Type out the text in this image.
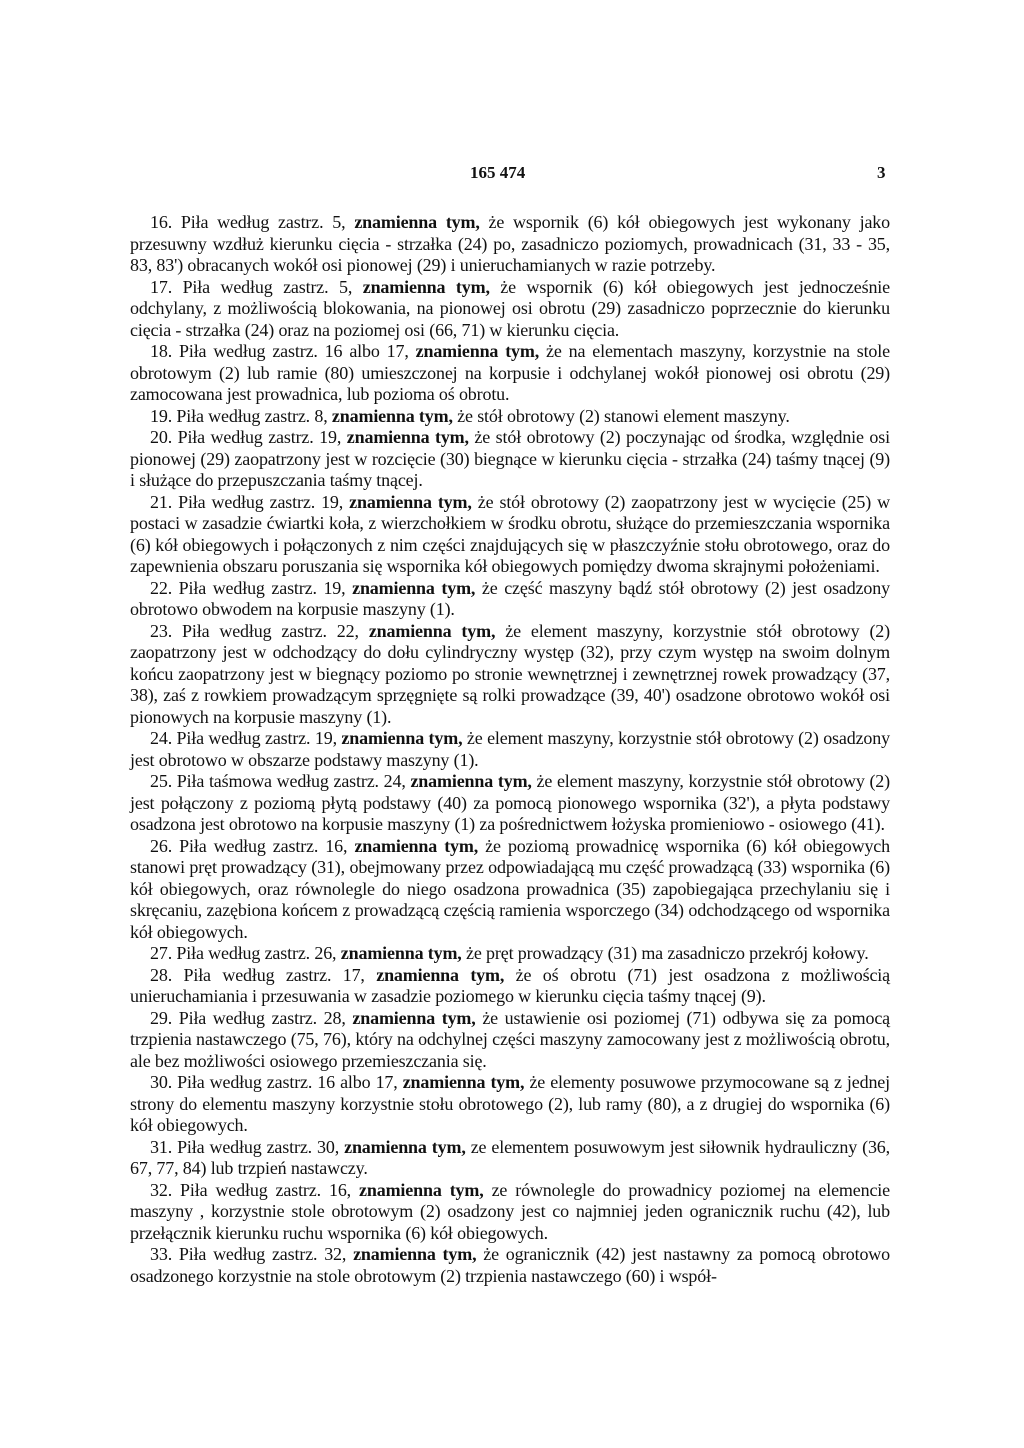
165 474	3

16. Piła według zastrz. 5, znamienna tym, że wspornik (6) kół obiegowych jest wykonany jako przesuwny wzdłuż kierunku cięcia - strzałka (24) po, zasadniczo poziomych, prowadnicach (31, 33 - 35, 83, 83') obracanych wokół osi pionowej (29) i unieruchamianych w razie potrzeby.

17. Piła według zastrz. 5, znamienna tym, że wspornik (6) kół obiegowych jest jednocześnie odchylany, z możliwością blokowania, na pionowej osi obrotu (29) zasadniczo poprzecznie do kierunku cięcia - strzałka (24) oraz na poziomej osi (66, 71) w kierunku cięcia.

18. Piła według zastrz. 16 albo 17, znamienna tym, że na elementach maszyny, korzystnie na stole obrotowym (2) lub ramie (80) umieszczonej na korpusie i odchylanej wokół pionowej osi obrotu (29) zamocowana jest prowadnica, lub pozioma oś obrotu.

19. Piła według zastrz. 8, znamienna tym, że stół obrotowy (2) stanowi element maszyny.

20. Piła według zastrz. 19, znamienna tym, że stół obrotowy (2) poczynając od środka, względnie osi pionowej (29) zaopatrzony jest w rozcięcie (30) biegnące w kierunku cięcia - strzałka (24) taśmy tnącej (9) i służące do przepuszczania taśmy tnącej.

21. Piła według zastrz. 19, znamienna tym, że stół obrotowy (2) zaopatrzony jest w wycięcie (25) w postaci w zasadzie ćwiartki koła, z wierzchołkiem w środku obrotu, służące do przemieszczania wspornika (6) kół obiegowych i połączonych z nim części znajdujących się w płaszczyźnie stołu obrotowego, oraz do zapewnienia obszaru poruszania się wspornika kół obiegowych pomiędzy dwoma skrajnymi położeniami.

22. Piła według zastrz. 19, znamienna tym, że część maszyny bądź stół obrotowy (2) jest osadzony obrotowo obwodem na korpusie maszyny (1).

23. Piła według zastrz. 22, znamienna tym, że element maszyny, korzystnie stół obrotowy (2) zaopatrzony jest w odchodzący do dołu cylindryczny występ (32), przy czym występ na swoim dolnym końcu zaopatrzony jest w biegnący poziomo po stronie wewnętrznej i zewnętrznej rowek prowadzący (37, 38), zaś z rowkiem prowadzącym sprzęgnięte są rolki prowadzące (39, 40') osadzone obrotowo wokół osi pionowych na korpusie maszyny (1).

24. Piła według zastrz. 19, znamienna tym, że element maszyny, korzystnie stół obrotowy (2) osadzony jest obrotowo w obszarze podstawy maszyny (1).

25. Piła taśmowa według zastrz. 24, znamienna tym, że element maszyny, korzystnie stół obrotowy (2) jest połączony z poziomą płytą podstawy (40) za pomocą pionowego wspornika (32'), a płyta podstawy osadzona jest obrotowo na korpusie maszyny (1) za pośrednictwem łożyska promieniowo - osiowego (41).

26. Piła według zastrz. 16, znamienna tym, że poziomą prowadnicę wspornika (6) kół obiegowych stanowi pręt prowadzący (31), obejmowany przez odpowiadającą mu część prowadzącą (33) wspornika (6) kół obiegowych, oraz równolegle do niego osadzona prowadnica (35) zapobiegająca przechylaniu się i skręcaniu, zazębiona końcem z prowadzącą częścią ramienia wsporczego (34) odchodzącego od wspornika kół obiegowych.

27. Piła według zastrz. 26, znamienna tym, że pręt prowadzący (31) ma zasadniczo przekrój kołowy.

28. Piła według zastrz. 17, znamienna tym, że oś obrotu (71) jest osadzona z możliwością unieruchamiania i przesuwania w zasadzie poziomego w kierunku cięcia taśmy tnącej (9).

29. Piła według zastrz. 28, znamienna tym, że ustawienie osi poziomej (71) odbywa się za pomocą trzpienia nastawczego (75, 76), który na odchylnej części maszyny zamocowany jest z możliwością obrotu, ale bez możliwości osiowego przemieszczania się.

30. Piła według zastrz. 16 albo 17, znamienna tym, że elementy posuwowe przymocowane są z jednej strony do elementu maszyny korzystnie stołu obrotowego (2), lub ramy (80), a z drugiej do wspornika (6) kół obiegowych.

31. Piła według zastrz. 30, znamienna tym, ze elementem posuwowym jest siłownik hydrauliczny (36, 67, 77, 84) lub trzpień nastawczy.

32. Piła według zastrz. 16, znamienna tym, ze równolegle do prowadnicy poziomej na elemencie maszyny , korzystnie stole obrotowym (2) osadzony jest co najmniej jeden ogranicznik ruchu (42), lub przełącznik kierunku ruchu wspornika (6) kół obiegowych.

33. Piła według zastrz. 32, znamienna tym, że ogranicznik (42) jest nastawny za pomocą obrotowo osadzonego korzystnie na stole obrotowym (2) trzpienia nastawczego (60) i współ-
